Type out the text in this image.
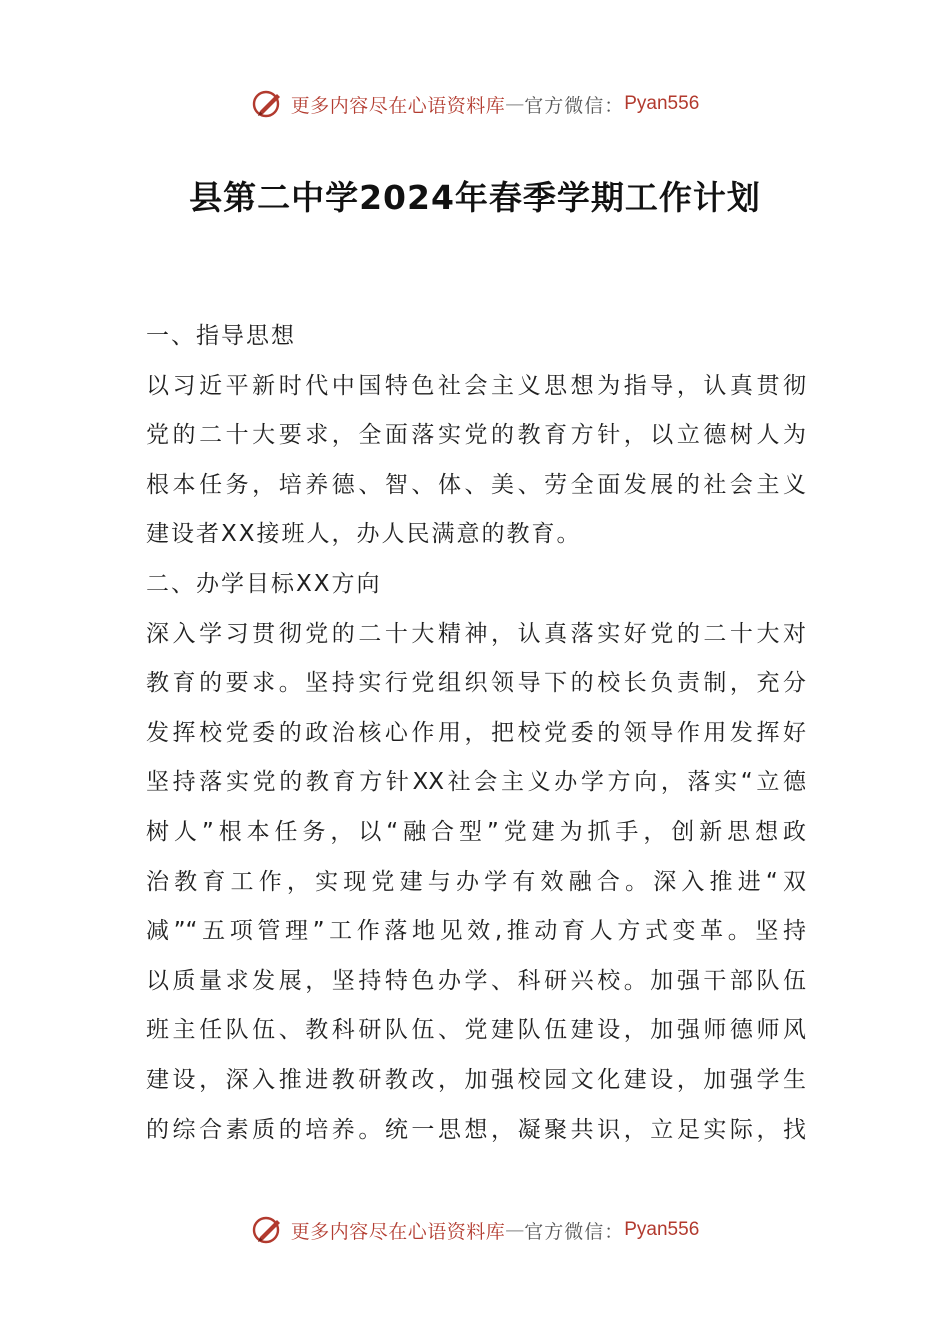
更多内容尽在心语资料库 — 官方微信： Pyan556
县第二中学2024年春季学期工作计划
一、指导思想
以习近平新时代中国特色社会主义思想为指导，认真贯彻
党的二十大要求，全面落实党的教育方针，以立德树人为
根本任务，培养德、智、体、美、劳全面发展的社会主义
建设者XX接班人，办人民满意的教育。
二、办学目标XX方向
深入学习贯彻党的二十大精神，认真落实好党的二十大对
教育的要求。坚持实行党组织领导下的校长负责制，充分
发挥校党委的政治核心作用，把校党委的领导作用发挥好
坚持落实党的教育方针XX社会主义办学方向，落实“立德
树人”根本任务，以“融合型”党建为抓手，创新思想政
治教育工作，实现党建与办学有效融合。深入推进“双
减”“五项管理”工作落地见效,推动育人方式变革。坚持
以质量求发展，坚持特色办学、科研兴校。加强干部队伍
班主任队伍、教科研队伍、党建队伍建设，加强师德师风
建设，深入推进教研教改，加强校园文化建设，加强学生
的综合素质的培养。统一思想，凝聚共识，立足实际，找
更多内容尽在心语资料库 — 官方微信： Pyan556
